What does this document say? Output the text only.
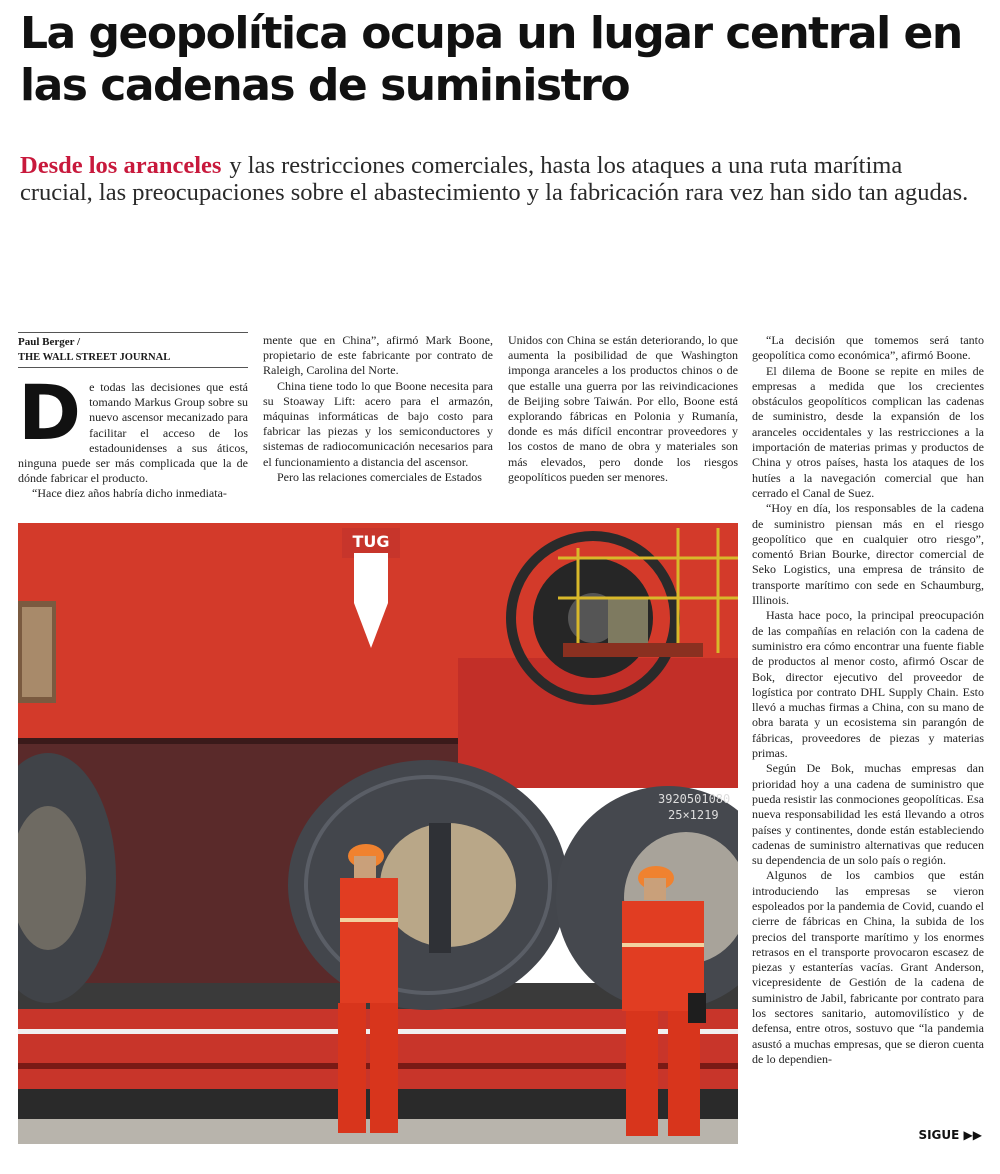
La geopolítica ocupa un lugar central en las cadenas de suministro

Desde los aranceles y las restricciones comerciales, hasta los ataques a una ruta marítima crucial, las preocupaciones sobre el abastecimiento y la fabricación rara vez han sido tan agudas.

Paul Berger /
THE WALL STREET JOURNAL

De todas las decisiones que está tomando Markus Group sobre su nuevo ascensor mecanizado para facilitar el acceso de los estadounidenses a sus áticos, ninguna puede ser más complicada que la de dónde fabricar el producto.

“Hace diez años habría dicho inmediata-

mente que en China”, afirmó Mark Boone, propietario de este fabricante por contrato de Raleigh, Carolina del Norte.

China tiene todo lo que Boone necesita para su Stoaway Lift: acero para el armazón, máquinas informáticas de bajo costo para fabricar las piezas y los semiconductores y sistemas de radiocomunicación necesarios para el funcionamiento a distancia del ascensor.

Pero las relaciones comerciales de Estados

Unidos con China se están deteriorando, lo que aumenta la posibilidad de que Washington imponga aranceles a los productos chinos o de que estalle una guerra por las reivindicaciones de Beijing sobre Taiwán. Por ello, Boone está explorando fábricas en Polonia y Rumanía, donde es más difícil encontrar proveedores y los costos de mano de obra y materiales son más elevados, pero donde los riesgos geopolíticos pueden ser menores.

“La decisión que tomemos será tanto geopolítica como económica”, afirmó Boone.

El dilema de Boone se repite en miles de empresas a medida que los crecientes obstáculos geopolíticos complican las cadenas de suministro, desde la expansión de los aranceles occidentales y las restricciones a la importación de materias primas y productos de China y otros países, hasta los ataques de los hutíes a la navegación comercial que han cerrado el Canal de Suez.

“Hoy en día, los responsables de la cadena de suministro piensan más en el riesgo geopolítico que en cualquier otro riesgo”, comentó Brian Bourke, director comercial de Seko Logistics, una empresa de tránsito de transporte marítimo con sede en Schaumburg, Illinois.

Hasta hace poco, la principal preocupación de las compañías en relación con la cadena de suministro era cómo encontrar una fuente fiable de productos al menor costo, afirmó Oscar de Bok, director ejecutivo del proveedor de logística por contrato DHL Supply Chain. Esto llevó a muchas firmas a China, con su mano de obra barata y un ecosistema sin parangón de fábricas, proveedores de piezas y materias primas.

Según De Bok, muchas empresas dan prioridad hoy a una cadena de suministro que pueda resistir las conmociones geopolíticas. Esa nueva responsabilidad les está llevando a otros países y continentes, donde están estableciendo cadenas de suministro alternativas que reducen su dependencia de un solo país o región.

Algunos de los cambios que están introduciendo las empresas se vieron espoleados por la pandemia de Covid, cuando el cierre de fábricas en China, la subida de los precios del transporte marítimo y los enormes retrasos en el transporte provocaron escasez de piezas y estanterías vacías. Grant Anderson, vicepresidente de Gestión de la cadena de suministro de Jabil, fabricante por contrato para los sectores sanitario, automovilístico y de defensa, entre otros, sostuvo que “la pandemia asustó a muchas empresas, que se dieron cuenta de lo dependien-

TUG
3920501080
25×1219
SIGUE ▶▶
